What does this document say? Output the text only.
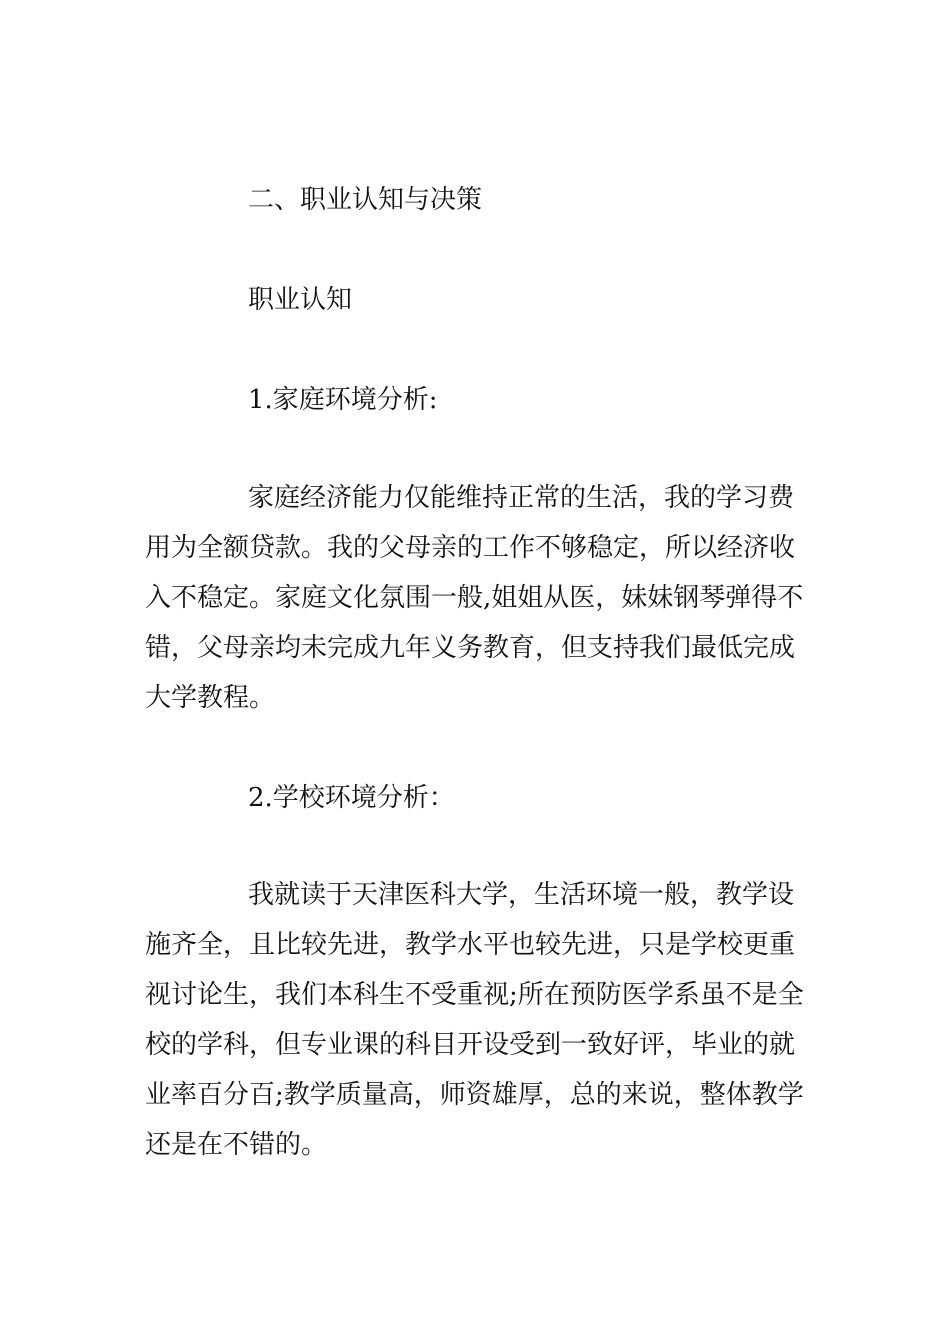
二、职业认知与决策
职业认知
1.家庭环境分析:
家庭经济能力仅能维持正常的生活，我的学习费
用为全额贷款。我的父母亲的工作不够稳定，所以经济收
入不稳定。家庭文化氛围一般,姐姐从医，妹妹钢琴弹得不
错，父母亲均未完成九年义务教育，但支持我们最低完成
大学教程。
2.学校环境分析：
我就读于天津医科大学，生活环境一般，教学设
施齐全，且比较先进，教学水平也较先进，只是学校更重
视讨论生，我们本科生不受重视;所在预防医学系虽不是全
校的学科，但专业课的科目开设受到一致好评，毕业的就
业率百分百;教学质量高，师资雄厚，总的来说，整体教学
还是在不错的。
